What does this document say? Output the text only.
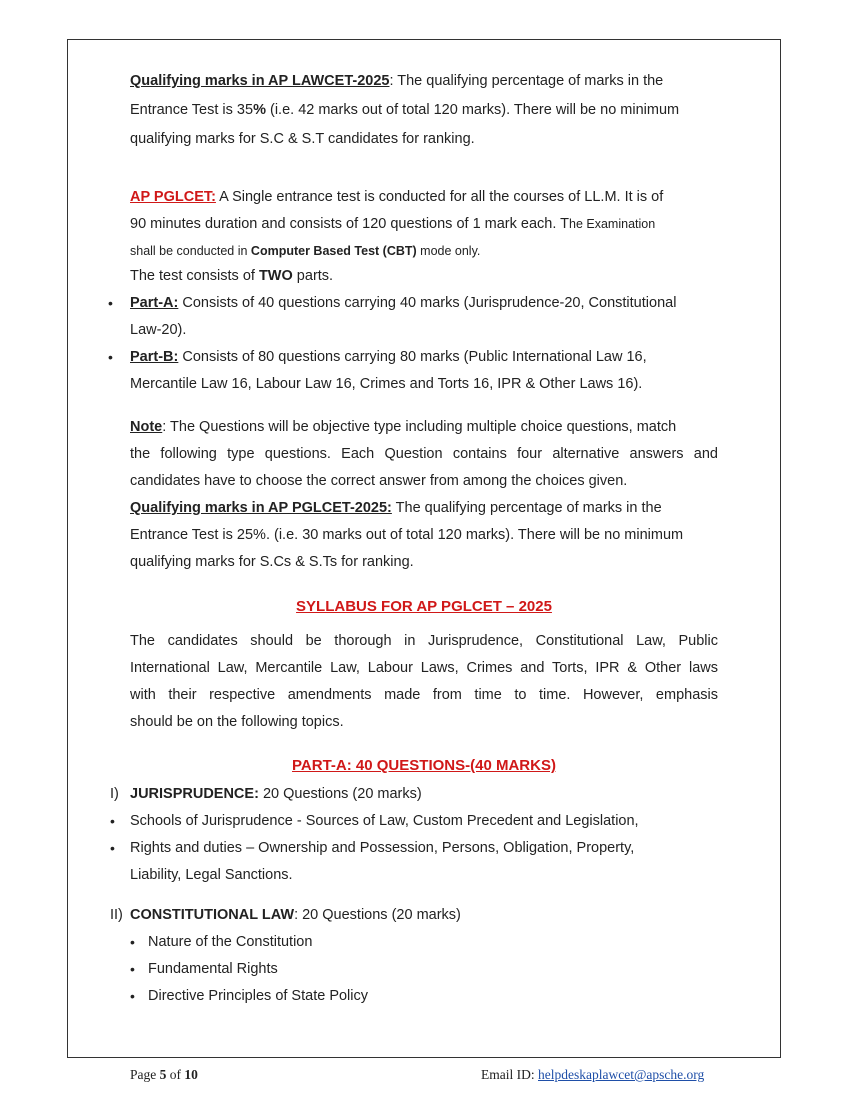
Qualifying marks in AP LAWCET-2025: The qualifying percentage of marks in the
Entrance Test is 35% (i.e. 42 marks out of total 120 marks). There will be no minimum
qualifying marks for S.C & S.T candidates for ranking.
AP PGLCET: A Single entrance test is conducted for all the courses of LL.M. It is of
90 minutes duration and consists of 120 questions of 1 mark each. The Examination
shall be conducted in Computer Based Test (CBT) mode only.
The test consists of TWO parts.
• Part-A: Consists of 40 questions carrying 40 marks (Jurisprudence-20, Constitutional
Law-20).
• Part-B: Consists of 80 questions carrying 80 marks (Public International Law 16,
Mercantile Law 16, Labour Law 16, Crimes and Torts 16, IPR & Other Laws 16).
Note: The Questions will be objective type including multiple choice questions, match
the following type questions. Each Question contains four alternative answers and
candidates have to choose the correct answer from among the choices given.
Qualifying marks in AP PGLCET-2025: The qualifying percentage of marks in the
Entrance Test is 25%. (i.e. 30 marks out of total 120 marks). There will be no minimum
qualifying marks for S.Cs & S.Ts for ranking.
SYLLABUS FOR AP PGLCET – 2025
The candidates should be thorough in Jurisprudence, Constitutional Law, Public
International Law, Mercantile Law, Labour Laws, Crimes and Torts, IPR & Other laws
with their respective amendments made from time to time. However, emphasis
should be on the following topics.
PART-A: 40 QUESTIONS-(40 MARKS)
I) JURISPRUDENCE: 20 Questions (20 marks)
• Schools of Jurisprudence - Sources of Law, Custom Precedent and Legislation,
• Rights and duties – Ownership and Possession, Persons, Obligation, Property,
Liability, Legal Sanctions.
II) CONSTITUTIONAL LAW: 20 Questions (20 marks)
• Nature of the Constitution
• Fundamental Rights
• Directive Principles of State Policy
Page 5 of 10	Email ID: helpdeskaplawcet@apsche.org
